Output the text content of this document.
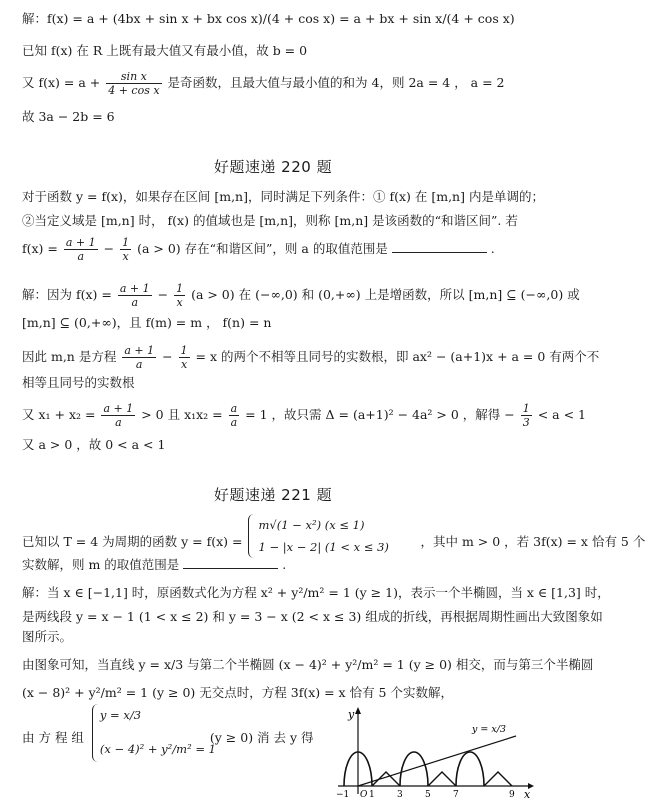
解：f(x) = a + (4bx + sin x + bx cos x)/(4 + cos x) = a + bx + sin x/(4 + cos x)
已知 f(x) 在 R 上既有最大值又有最小值，故 b = 0
又 $f(x) = a + \frac{\text{sin x}}{\text{4 + cos x}}$ 是奇函数，且最大值与最小值的和为 4，则 2a = 4 ， a = 2
故 3a − 2b = 6
好题速递 220 题
对于函数 y = f(x)，如果存在区间 [m,n]，同时满足下列条件：① f(x) 在 [m,n] 内是单调的；
②当定义域是 [m,n] 时， f(x) 的值域也是 [m,n]，则称 [m,n] 是该函数的“和谐区间”. 若
$f(x) = \frac{a + 1}{a} - \frac{1}{x} (a > 0)$ 存在“和谐区间”，则 a 的取值范围是	.
解：因为 $f(x) = \frac{a + 1}{a} - \frac{1}{x} (a > 0)$ 在 (−∞,0) 和 (0,+∞) 上是增函数，所以 [m,n] ⊆ (−∞,0) 或
[m,n] ⊆ (0,+∞)，且 f(m) = m ， f(n) = n
因此 m,n 是方程 $\frac{a + 1}{a} - \frac{1}{x} = x$ 的两个不相等且同号的实数根，即 ax² − (a+1)x + a = 0 有两个不
相等且同号的实数根
又 $x_1 + x_2 = \frac{a + 1}{a} > 0$ 且 $x_1x_2 = \frac{a}{a} = 1$ ，故只需 Δ = (a+1)² − 4a² > 0 ，解得 − $\frac{1}{3} < a < 1$
又 a > 0 ，故 0 < a < 1
好题速递 221 题
已知以 T = 4 为周期的函数 y = f(x) =
m√(1 − x²) (x ≤ 1)
1 − |x − 2| (1 < x ≤ 3)	，其中 m > 0 ，若 3f(x) = x 恰有 5 个
实数解，则 m 的取值范围是	.
解：当 x ∈ [−1,1] 时，原函数式化为方程 x² + y²/m² = 1 (y ≥ 1)，表示一个半椭圆，当 x ∈ [1,3] 时，
是两线段 y = x − 1 (1 < x ≤ 2) 和 y = 3 − x (2 < x ≤ 3) 组成的折线，再根据周期性画出大致图象如
图所示。
由图象可知，当直线 y = x/3 与第二个半椭圆 (x − 4)² + y²/m² = 1 (y ≥ 0) 相交，而与第三个半椭圆
(x − 8)² + y²/m² = 1 (y ≥ 0) 无交点时，方程 3f(x) = x 恰有 5 个实数解，
由 方 程 组
y = x/3
(x − 4)² + y²/m² = 1
(y ≥ 0) 消 去 y 得
y
x
y = x/3
O
−1 1 3 5 7	9
